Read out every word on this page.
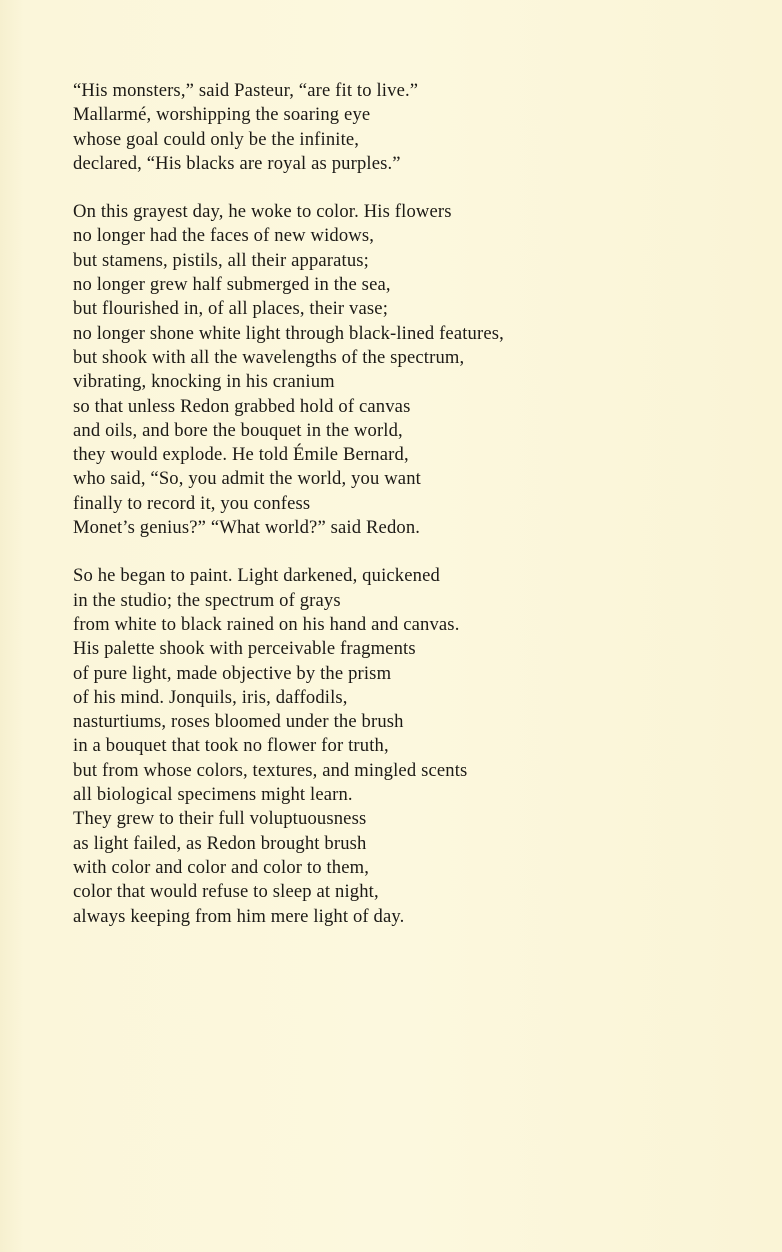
“His monsters,” said Pasteur, “are fit to live.”
Mallarmé, worshipping the soaring eye
whose goal could only be the infinite,
declared, “His blacks are royal as purples.”
On this grayest day, he woke to color. His flowers
no longer had the faces of new widows,
but stamens, pistils, all their apparatus;
no longer grew half submerged in the sea,
but flourished in, of all places, their vase;
no longer shone white light through black-lined features,
but shook with all the wavelengths of the spectrum,
vibrating, knocking in his cranium
so that unless Redon grabbed hold of canvas
and oils, and bore the bouquet in the world,
they would explode. He told Émile Bernard,
who said, “So, you admit the world, you want
finally to record it, you confess
Monet’s genius?” “What world?” said Redon.
So he began to paint. Light darkened, quickened
in the studio; the spectrum of grays
from white to black rained on his hand and canvas.
His palette shook with perceivable fragments
of pure light, made objective by the prism
of his mind. Jonquils, iris, daffodils,
nasturtiums, roses bloomed under the brush
in a bouquet that took no flower for truth,
but from whose colors, textures, and mingled scents
all biological specimens might learn.
They grew to their full voluptuousness
as light failed, as Redon brought brush
with color and color and color to them,
color that would refuse to sleep at night,
always keeping from him mere light of day.
